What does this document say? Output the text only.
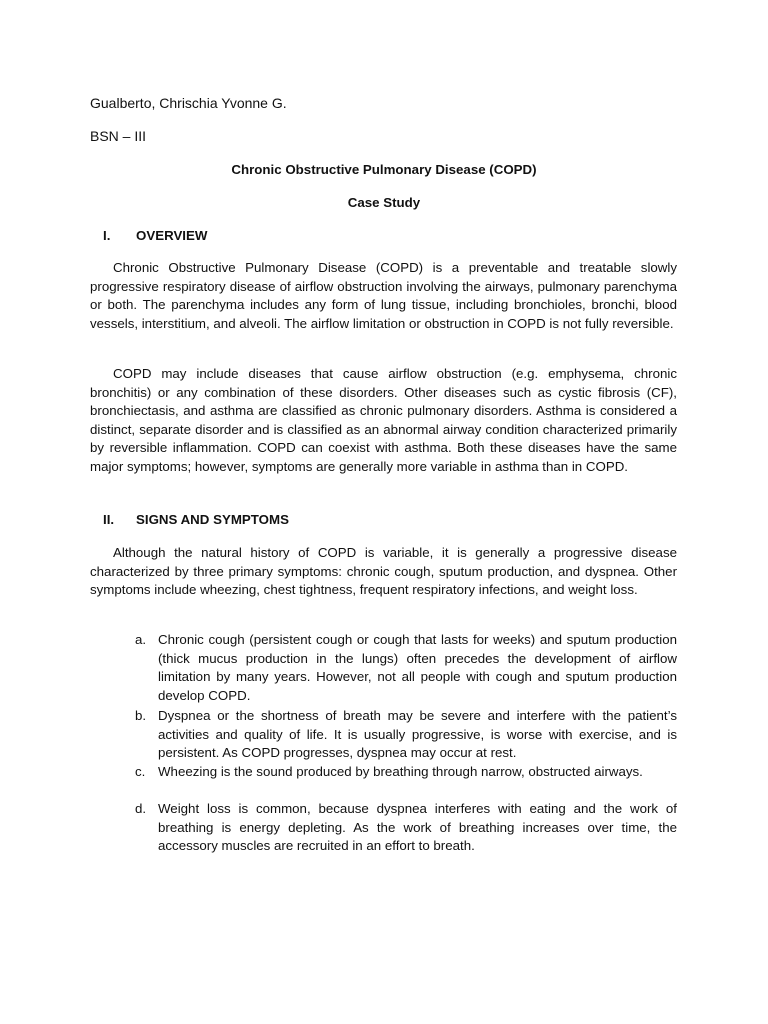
Gualberto, Chrischia Yvonne G.
BSN – III
Chronic Obstructive Pulmonary Disease (COPD)
Case Study
I. OVERVIEW
Chronic Obstructive Pulmonary Disease (COPD) is a preventable and treatable slowly progressive respiratory disease of airflow obstruction involving the airways, pulmonary parenchyma or both. The parenchyma includes any form of lung tissue, including bronchioles, bronchi, blood vessels, interstitium, and alveoli. The airflow limitation or obstruction in COPD is not fully reversible.
COPD may include diseases that cause airflow obstruction (e.g. emphysema, chronic bronchitis) or any combination of these disorders. Other diseases such as cystic fibrosis (CF), bronchiectasis, and asthma are classified as chronic pulmonary disorders. Asthma is considered a distinct, separate disorder and is classified as an abnormal airway condition characterized primarily by reversible inflammation. COPD can coexist with asthma. Both these diseases have the same major symptoms; however, symptoms are generally more variable in asthma than in COPD.
II. SIGNS AND SYMPTOMS
Although the natural history of COPD is variable, it is generally a progressive disease characterized by three primary symptoms: chronic cough, sputum production, and dyspnea. Other symptoms include wheezing, chest tightness, frequent respiratory infections, and weight loss.
a. Chronic cough (persistent cough or cough that lasts for weeks) and sputum production (thick mucus production in the lungs) often precedes the development of airflow limitation by many years. However, not all people with cough and sputum production develop COPD.
b. Dyspnea or the shortness of breath may be severe and interfere with the patient’s activities and quality of life. It is usually progressive, is worse with exercise, and is persistent. As COPD progresses, dyspnea may occur at rest.
c. Wheezing is the sound produced by breathing through narrow, obstructed airways.
d. Weight loss is common, because dyspnea interferes with eating and the work of breathing is energy depleting. As the work of breathing increases over time, the accessory muscles are recruited in an effort to breath.
